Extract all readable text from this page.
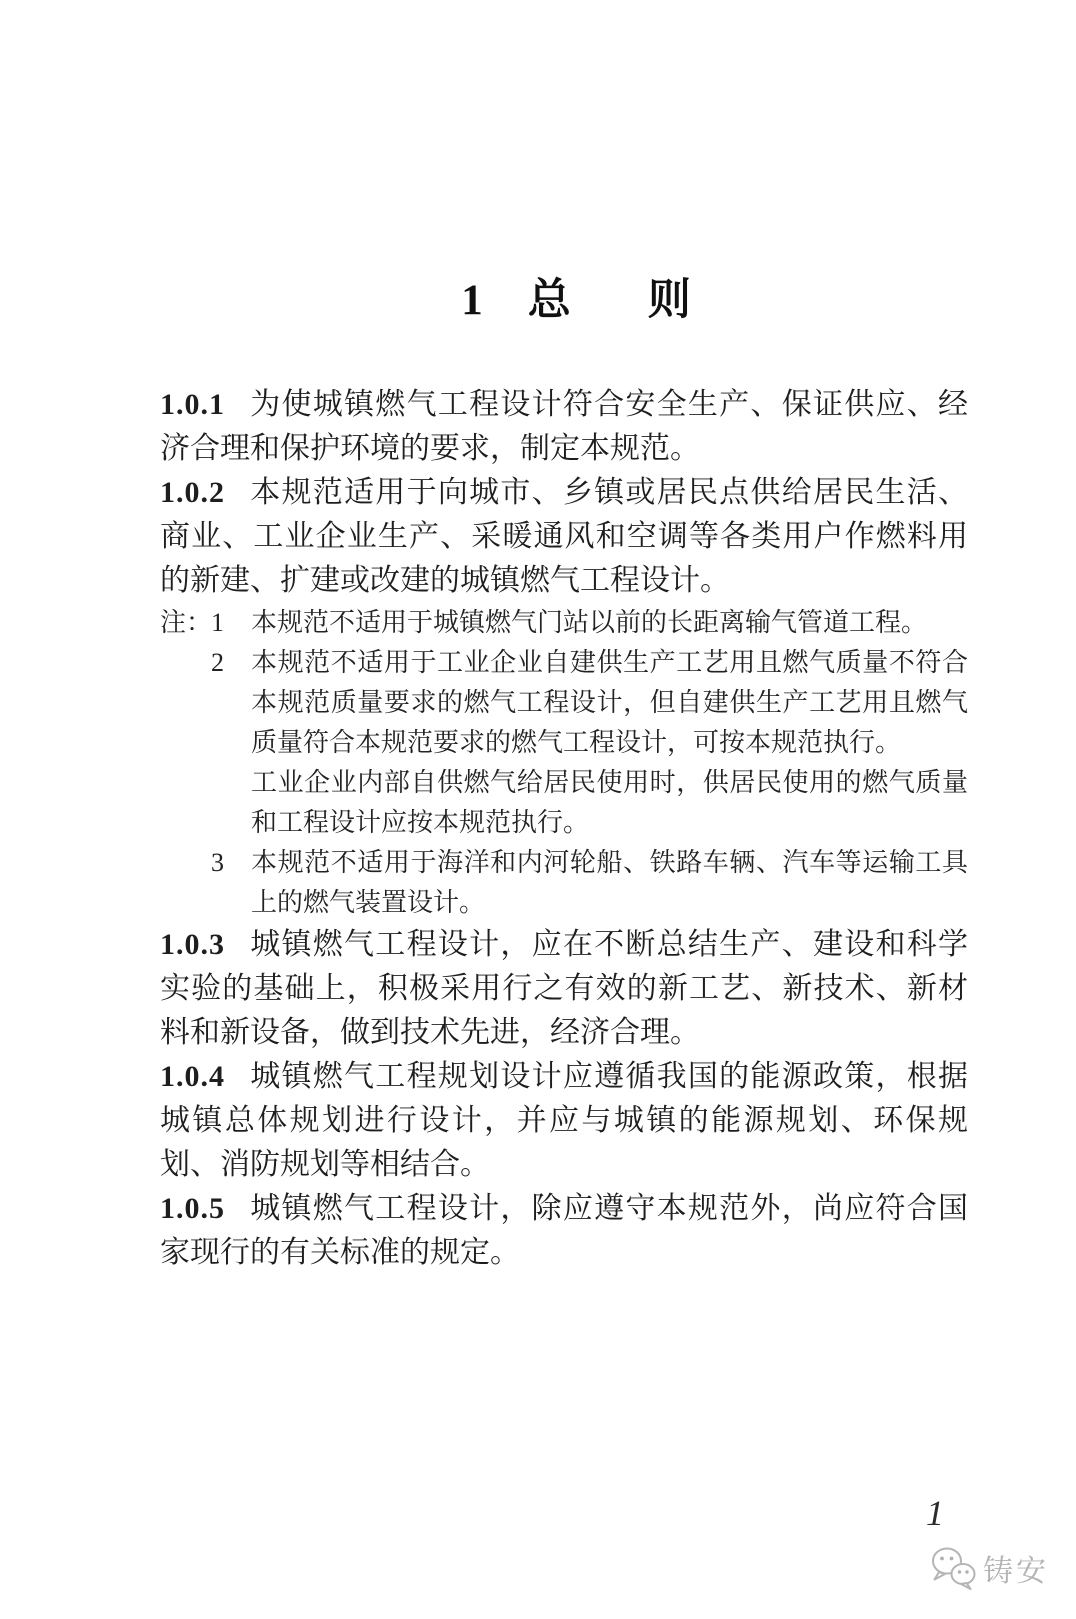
1 总 则

1.0.1 为使城镇燃气工程设计符合安全生产、保证供应、经济合理和保护环境的要求，制定本规范。

1.0.2 本规范适用于向城市、乡镇或居民点供给居民生活、商业、工业企业生产、采暖通风和空调等各类用户作燃料用的新建、扩建或改建的城镇燃气工程设计。

注：
1	本规范不适用于城镇燃气门站以前的长距离输气管道工程。
2	本规范不适用于工业企业自建供生产工艺用且燃气质量不符合本规范质量要求的燃气工程设计，但自建供生产工艺用且燃气质量符合本规范要求的燃气工程设计，可按本规范执行。
工业企业内部自供燃气给居民使用时，供居民使用的燃气质量和工程设计应按本规范执行。
3	本规范不适用于海洋和内河轮船、铁路车辆、汽车等运输工具上的燃气装置设计。

1.0.3 城镇燃气工程设计，应在不断总结生产、建设和科学实验的基础上，积极采用行之有效的新工艺、新技术、新材料和新设备，做到技术先进，经济合理。

1.0.4 城镇燃气工程规划设计应遵循我国的能源政策，根据城镇总体规划进行设计，并应与城镇的能源规划、环保规划、消防规划等相结合。

1.0.5 城镇燃气工程设计，除应遵守本规范外，尚应符合国家现行的有关标准的规定。

1
铸安
